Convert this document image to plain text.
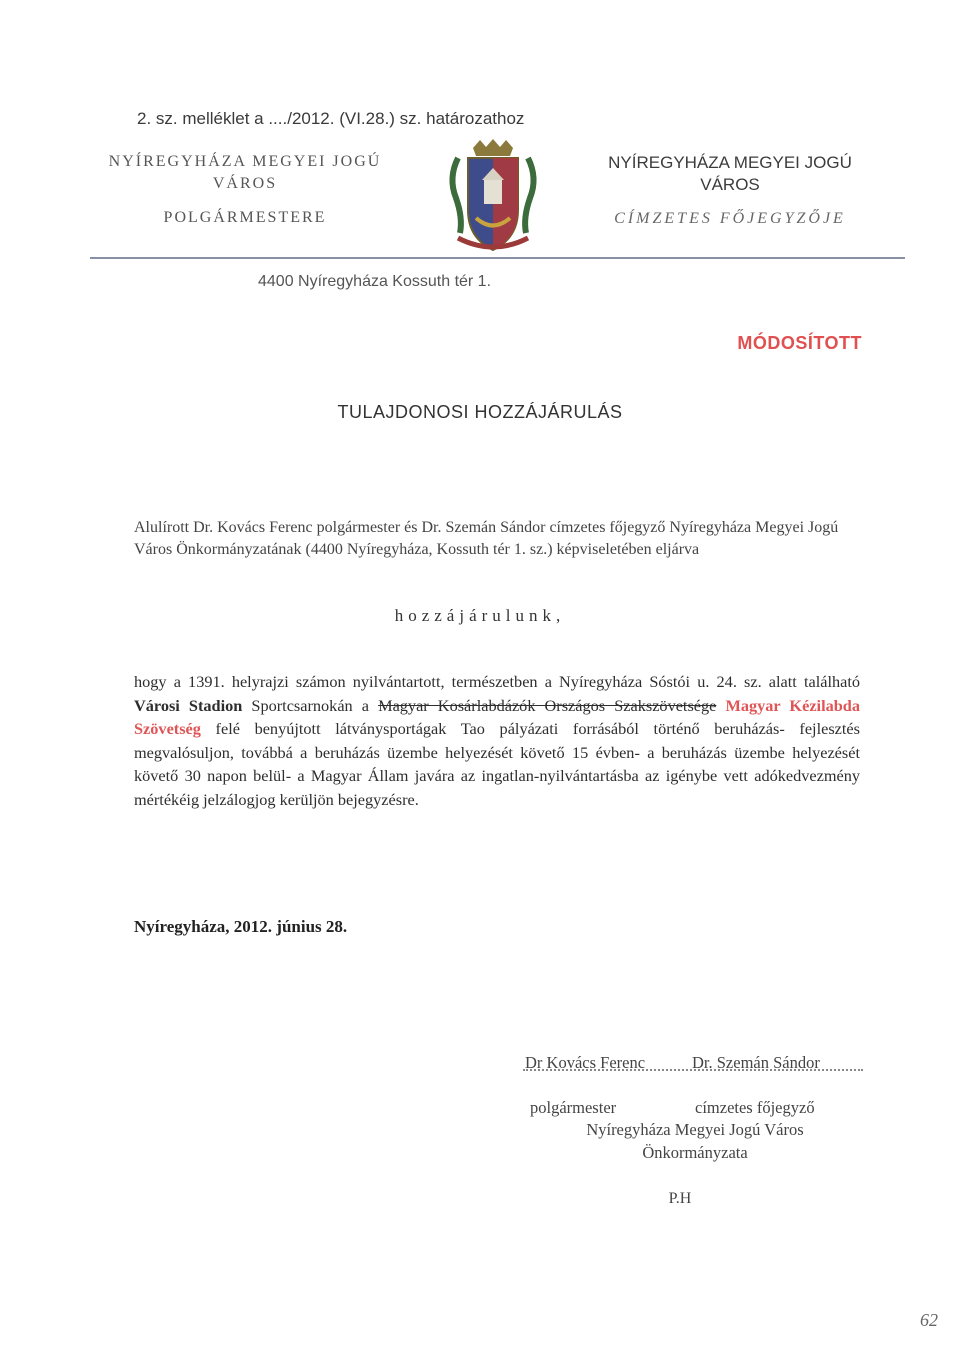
2. sz. melléklet a ..../2012. (VI.28.) sz. határozathoz
NYÍREGYHÁZA MEGYEI JOGÚ
VÁROS
POLGÁRMESTERE
NYÍREGYHÁZA MEGYEI JOGÚ
VÁROS
CÍMZETES FŐJEGYZŐJE
4400 Nyíregyháza Kossuth tér 1.
MÓDOSÍTOTT
TULAJDONOSI HOZZÁJÁRULÁS
Alulírott Dr. Kovács Ferenc polgármester és Dr. Szemán Sándor címzetes főjegyző Nyíregyháza Megyei Jogú Város Önkormányzatának (4400 Nyíregyháza, Kossuth tér 1. sz.) képviseletében eljárva
hozzájárulunk,
hogy a 1391. helyrajzi számon nyilvántartott, természetben a Nyíregyháza Sóstói u. 24. sz. alatt található Városi Stadion Sportcsarnokán a Magyar Kosárlabdázók Országos Szakszövetsége Magyar Kézilabda Szövetség felé benyújtott látványsportágak Tao pályázati forrásából történő beruházás- fejlesztés megvalósuljon, továbbá a beruházás üzembe helyezését követő 15 évben- a beruházás üzembe helyezését követő 30 napon belül- a Magyar Állam javára az ingatlan-nyilvántartásba az igénybe vett adókedvezmény mértékéig jelzálogjog kerüljön bejegyzésre.
Nyíregyháza, 2012. június 28.
Dr Kovács Ferenc	Dr. Szemán Sándor
polgármester	címzetes főjegyző
Nyíregyháza Megyei Jogú Város
Önkormányzata
P.H
62
